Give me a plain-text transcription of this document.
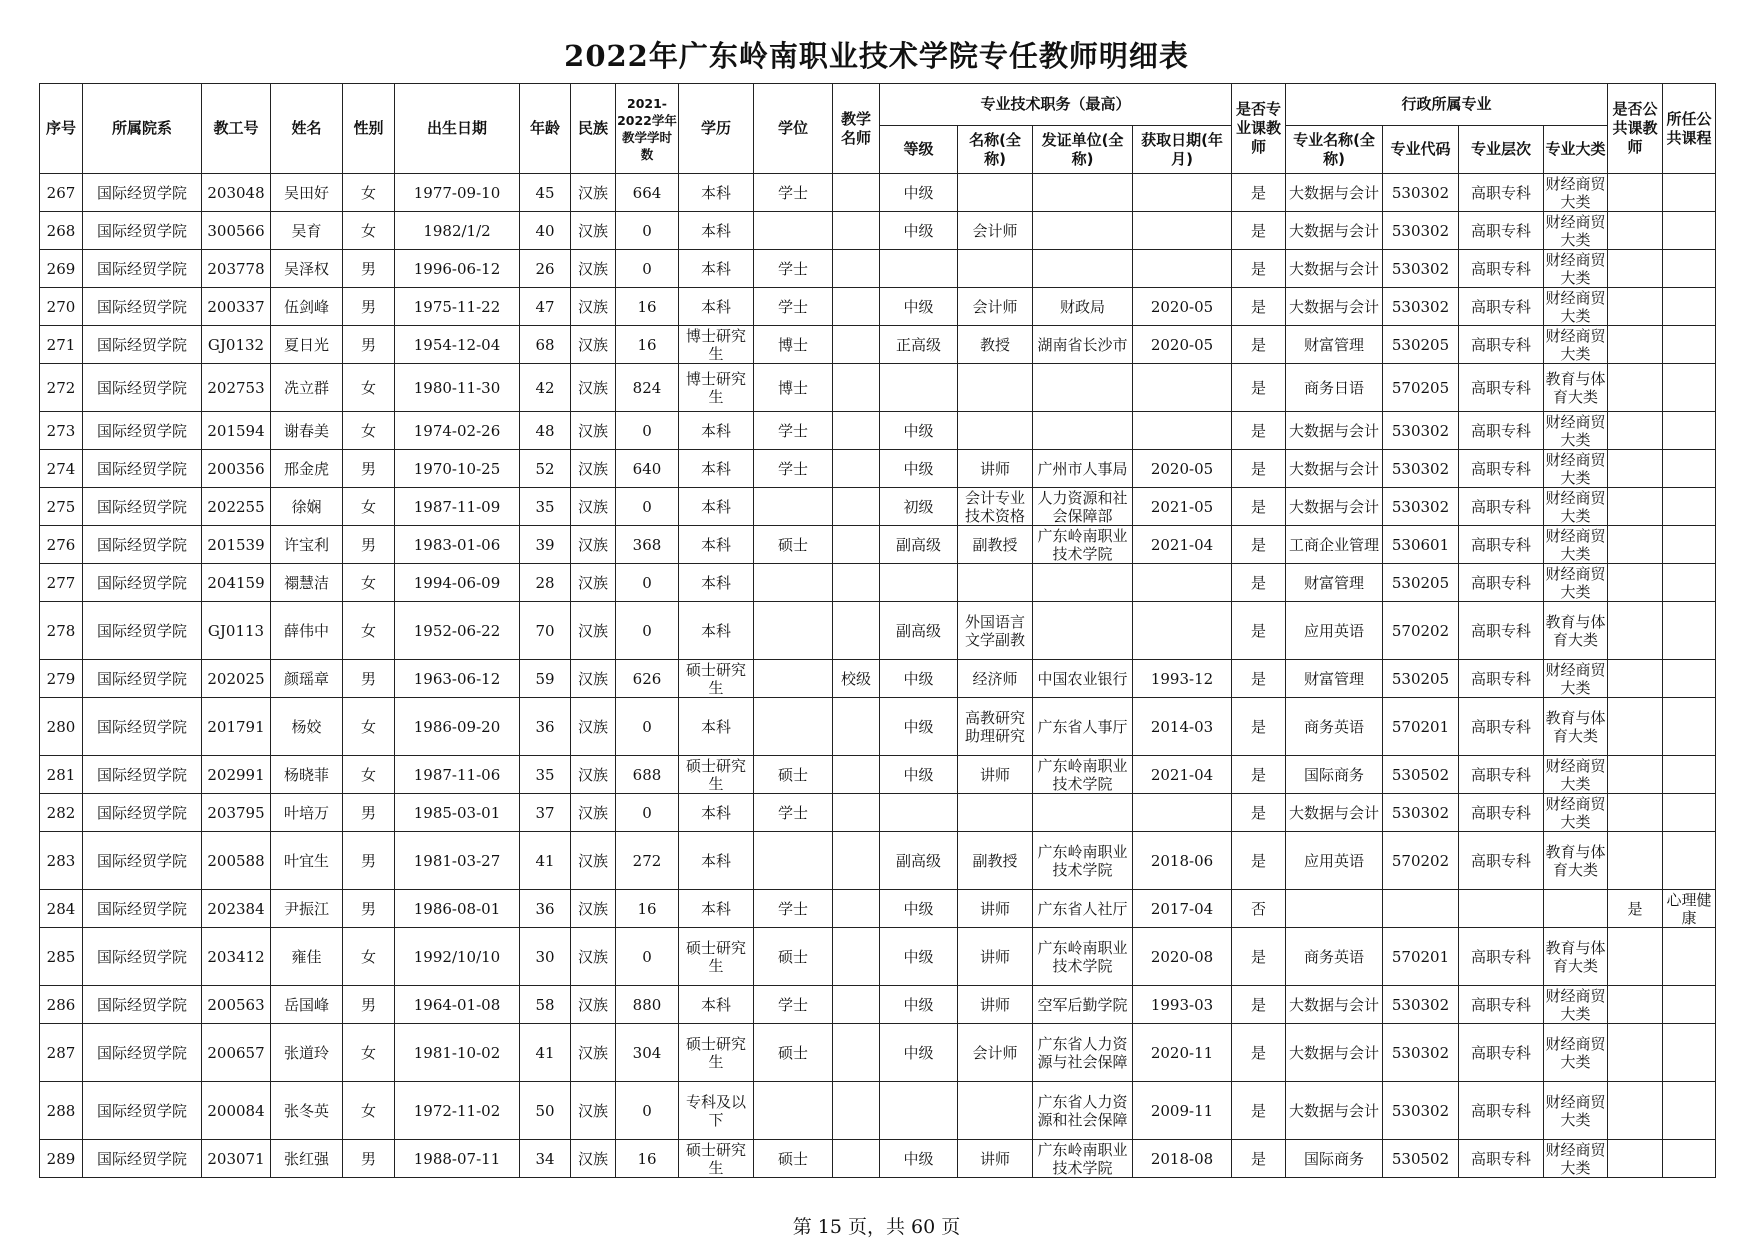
2022年广东岭南职业技术学院专任教师明细表
序号	所属院系	教工号	姓名	性别	出生日期	年龄	民族	2021-2022学年教学学时数	学历	学位	教学名师	专业技术职务（最高）				是否专业课教师	行政所属专业				是否公共课教师	所任公共课程
												等级	名称(全称)	发证单位(全称)	获取日期(年月)		专业名称(全称)	专业代码	专业层次	专业大类		

267	国际经贸学院	203048	吴田好	女	1977-09-10	45	汉族	664	本科	学士		中级				是	大数据与会计	530302	高职专科	财经商贸大类		

268	国际经贸学院	300566	吴育	女	1982/1/2	40	汉族	0	本科			中级	会计师			是	大数据与会计	530302	高职专科	财经商贸大类		

269	国际经贸学院	203778	吴泽权	男	1996-06-12	26	汉族	0	本科	学士						是	大数据与会计	530302	高职专科	财经商贸大类		

270	国际经贸学院	200337	伍剑峰	男	1975-11-22	47	汉族	16	本科	学士		中级	会计师	财政局	2020-05	是	大数据与会计	530302	高职专科	财经商贸大类		

271	国际经贸学院	GJ0132	夏日光	男	1954-12-04	68	汉族	16	博士研究生	博士		正高级	教授	湖南省长沙市	2020-05	是	财富管理	530205	高职专科	财经商贸大类		

272	国际经贸学院	202753	冼立群	女	1980-11-30	42	汉族	824	博士研究生	博士						是	商务日语	570205	高职专科	教育与体育大类		

273	国际经贸学院	201594	谢春美	女	1974-02-26	48	汉族	0	本科	学士		中级				是	大数据与会计	530302	高职专科	财经商贸大类		

274	国际经贸学院	200356	邢金虎	男	1970-10-25	52	汉族	640	本科	学士		中级	讲师	广州市人事局	2020-05	是	大数据与会计	530302	高职专科	财经商贸大类		

275	国际经贸学院	202255	徐娴	女	1987-11-09	35	汉族	0	本科			初级	会计专业技术资格	人力资源和社会保障部	2021-05	是	大数据与会计	530302	高职专科	财经商贸大类		

276	国际经贸学院	201539	许宝利	男	1983-01-06	39	汉族	368	本科	硕士		副高级	副教授	广东岭南职业技术学院	2021-04	是	工商企业管理	530601	高职专科	财经商贸大类		

277	国际经贸学院	204159	禤慧洁	女	1994-06-09	28	汉族	0	本科							是	财富管理	530205	高职专科	财经商贸大类		

278	国际经贸学院	GJ0113	薛伟中	女	1952-06-22	70	汉族	0	本科			副高级	外国语言文学副教			是	应用英语	570202	高职专科	教育与体育大类		

279	国际经贸学院	202025	颜瑶章	男	1963-06-12	59	汉族	626	硕士研究生		校级	中级	经济师	中国农业银行	1993-12	是	财富管理	530205	高职专科	财经商贸大类		

280	国际经贸学院	201791	杨姣	女	1986-09-20	36	汉族	0	本科			中级	高教研究助理研究	广东省人事厅	2014-03	是	商务英语	570201	高职专科	教育与体育大类		

281	国际经贸学院	202991	杨晓菲	女	1987-11-06	35	汉族	688	硕士研究生	硕士		中级	讲师	广东岭南职业技术学院	2021-04	是	国际商务	530502	高职专科	财经商贸大类		

282	国际经贸学院	203795	叶培万	男	1985-03-01	37	汉族	0	本科	学士						是	大数据与会计	530302	高职专科	财经商贸大类		

283	国际经贸学院	200588	叶宜生	男	1981-03-27	41	汉族	272	本科			副高级	副教授	广东岭南职业技术学院	2018-06	是	应用英语	570202	高职专科	教育与体育大类		

284	国际经贸学院	202384	尹振江	男	1986-08-01	36	汉族	16	本科	学士		中级	讲师	广东省人社厅	2017-04	否					是	心理健康

285	国际经贸学院	203412	雍佳	女	1992/10/10	30	汉族	0	硕士研究生	硕士		中级	讲师	广东岭南职业技术学院	2020-08	是	商务英语	570201	高职专科	教育与体育大类		

286	国际经贸学院	200563	岳国峰	男	1964-01-08	58	汉族	880	本科	学士		中级	讲师	空军后勤学院	1993-03	是	大数据与会计	530302	高职专科	财经商贸大类		

287	国际经贸学院	200657	张道玲	女	1981-10-02	41	汉族	304	硕士研究生	硕士		中级	会计师	广东省人力资源与社会保障	2020-11	是	大数据与会计	530302	高职专科	财经商贸大类		

288	国际经贸学院	200084	张冬英	女	1972-11-02	50	汉族	0	专科及以下					广东省人力资源和社会保障	2009-11	是	大数据与会计	530302	高职专科	财经商贸大类		

289	国际经贸学院	203071	张红强	男	1988-07-11	34	汉族	16	硕士研究生	硕士		中级	讲师	广东岭南职业技术学院	2018-08	是	国际商务	530502	高职专科	财经商贸大类		

第 15 页，共 60 页
